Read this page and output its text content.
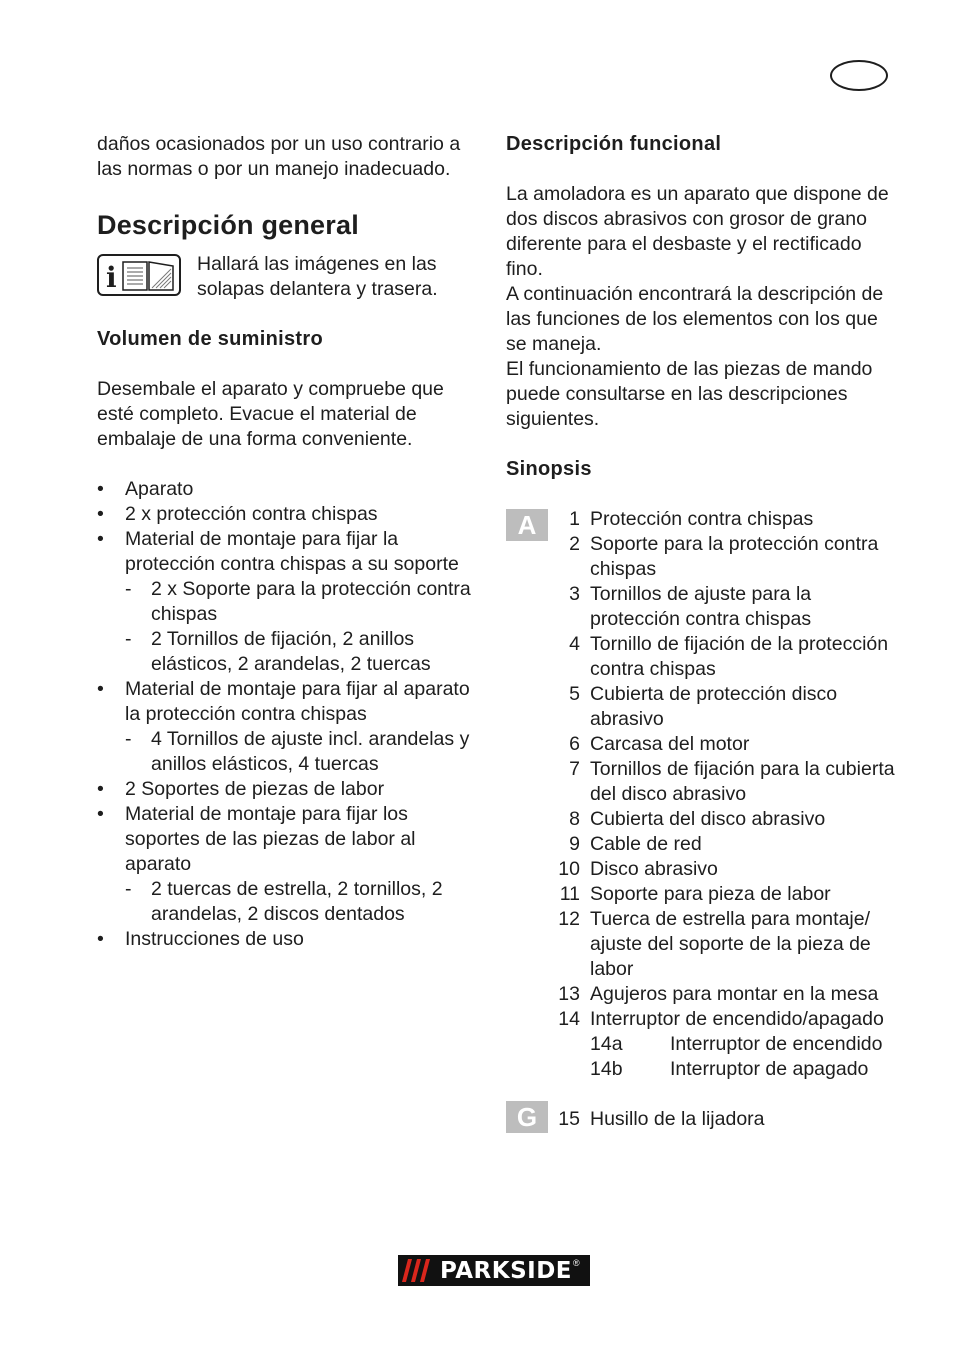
daños ocasionados por un uso contrario a las normas o por un manejo inadecuado.

Descripción general
i	Hallará las imágenes en las solapas delantera y trasera.

Volumen de suministro

Desembale el aparato y compruebe que esté completo. Evacue el material de embalaje de una forma conveniente.

• Aparato
• 2 x protección contra chispas
• Material de montaje para fijar la protección contra chispas a su soporte
- 2 x Soporte para la protección contra chispas
- 2 Tornillos de fijación, 2 anillos elásticos, 2 arandelas, 2 tuercas
• Material de montaje para fijar al aparato la protección contra chispas
- 4 Tornillos de ajuste incl. arandelas y anillos elásticos, 4 tuercas
• 2 Soportes de piezas de labor
• Material de montaje para fijar los soportes de las piezas de labor al aparato
- 2 tuercas de estrella, 2 tornillos, 2 arandelas, 2 discos dentados
• Instrucciones de uso
Descripción funcional

La amoladora es un aparato que dispone de dos discos abrasivos con grosor de grano diferente para el desbaste y el rectificado fino.

A continuación encontrará la descripción de las funciones de los elementos con los que se maneja.

El funcionamiento de las piezas de mando puede consultarse en las descripciones siguientes.

Sinopsis
A	1 Protección contra chispas
2 Soporte para la protección contra chispas
3 Tornillos de ajuste para la protección contra chispas
4 Tornillo de fijación de la protección contra chispas
5 Cubierta de protección disco abrasivo
6 Carcasa del motor
7 Tornillos de fijación para la cubierta del disco abrasivo
8 Cubierta del disco abrasivo
9 Cable de red
10 Disco abrasivo
11 Soporte para pieza de labor
12 Tuerca de estrella para montaje/ ajuste del soporte de la pieza de labor
13 Agujeros para montar en la mesa
14 Interruptor de encendido/apagado
14a	Interruptor de encendido
14b	Interruptor de apagado
G	15 Husillo de la lijadora
PARKSIDE ®
